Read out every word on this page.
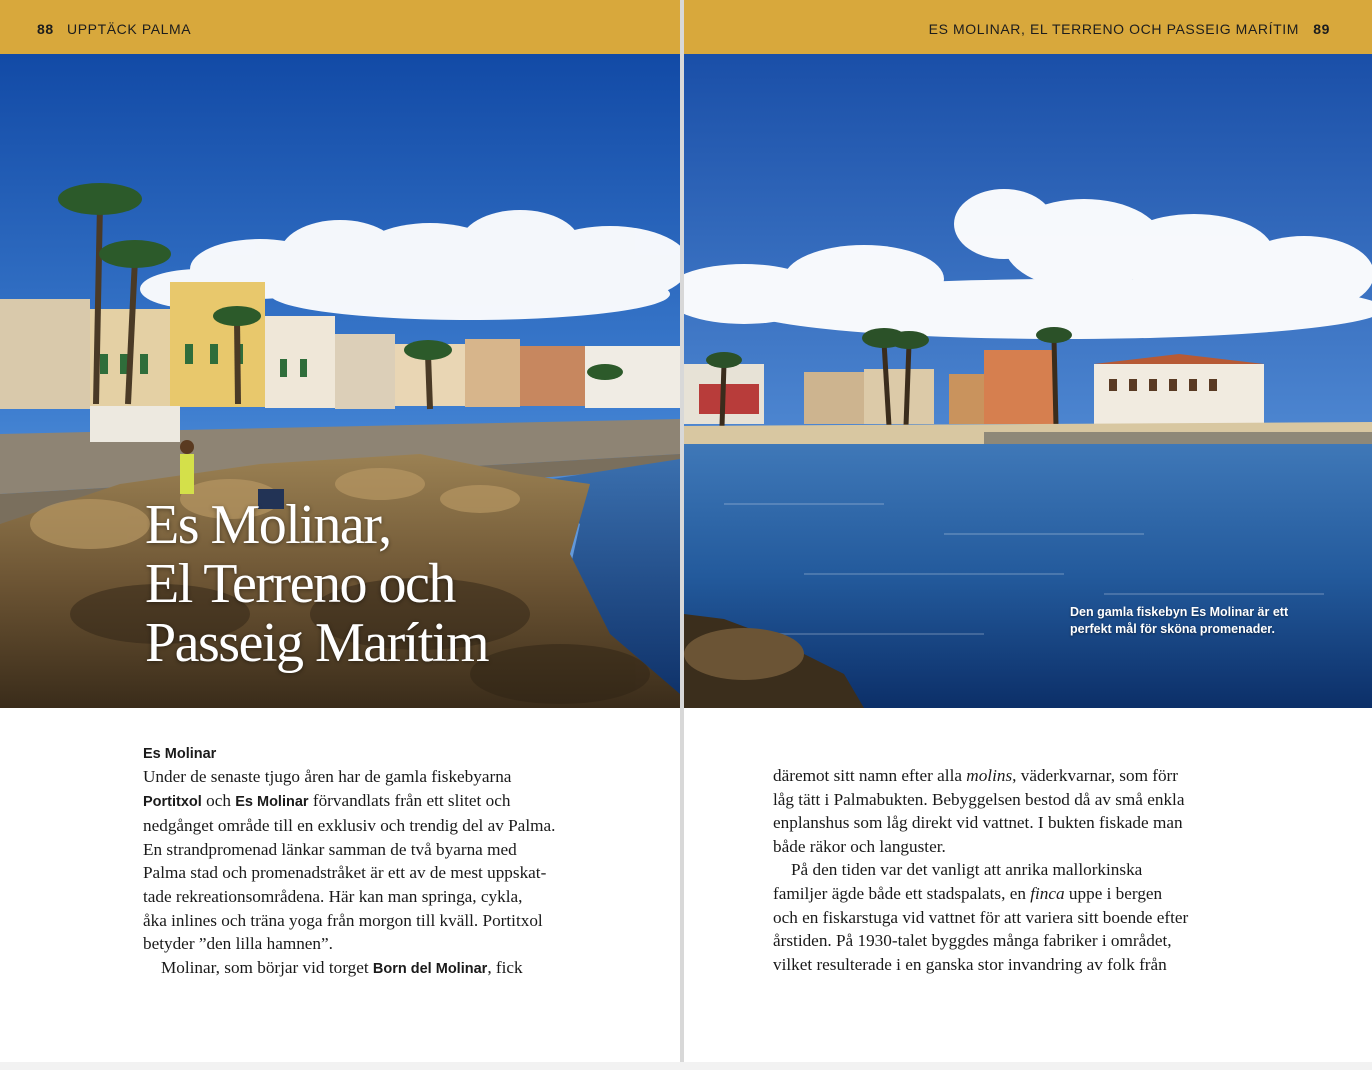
88 UPPTÄCK PALMA
Es Molinar,
El Terreno och
Passeig Marítim
Es Molinar
Under de senaste tjugo åren har de gamla fiskebyarna
Portitxol och Es Molinar förvandlats från ett slitet och
nedgånget område till en exklusiv och trendig del av Palma.
En strandpromenad länkar samman de två byarna med
Palma stad och promenadstråket är ett av de mest uppskat-
tade rekreationsområdena. Här kan man springa, cykla,
åka inlines och träna yoga från morgon till kväll. Portitxol
betyder ”den lilla hamnen”.
Molinar, som börjar vid torget Born del Molinar, fick
ES MOLINAR, EL TERRENO OCH PASSEIG MARÍTIM 89
Den gamla fiskebyn Es Molinar är ett
perfekt mål för sköna promenader.
däremot sitt namn efter alla molins, väderkvarnar, som förr
låg tätt i Palmabukten. Bebyggelsen bestod då av små enkla
enplanshus som låg direkt vid vattnet. I bukten fiskade man
både räkor och languster.
På den tiden var det vanligt att anrika mallorkinska
familjer ägde både ett stadspalats, en finca uppe i bergen
och en fiskarstuga vid vattnet för att variera sitt boende efter
årstiden. På 1930-talet byggdes många fabriker i området,
vilket resulterade i en ganska stor invandring av folk från
